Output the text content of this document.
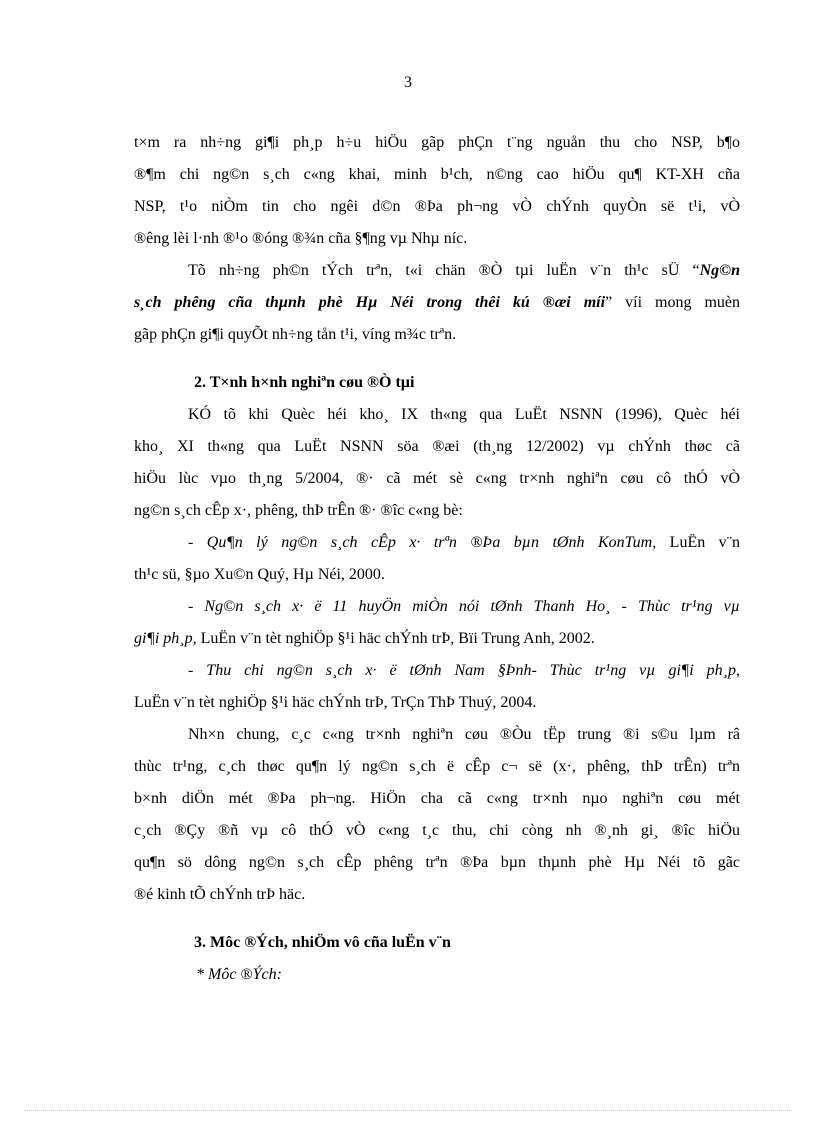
3
t×m ra nh÷ng gi¶i ph¸p h÷u hiÖu gãp phÇn t¨ng nguån thu cho NSP, b¶o
®¶m chi ng©n s¸ch c«ng khai, minh b¹ch, n©ng cao hiÖu qu¶ KT-XH cña
NSP, t¹o niÒm tin cho ngêi d©n ®Þa ph¬ng vÒ chÝnh quyÒn së t¹i, vÒ
®êng lèi l·nh ®¹o ®óng ®¾n cña §¶ng vµ Nhµ níc.
Tõ nh÷ng ph©n tÝch trªn, t«i chän ®Ò tµi luËn v¨n th¹c sÜ “Ng©n
s¸ch phêng cña thµnh phè Hµ Néi trong thêi kú ®æi míi” víi mong muèn
gãp phÇn gi¶i quyÕt nh÷ng tån t¹i, víng m¾c trªn.
2. T×nh h×nh nghiªn cøu ®Ò tµi
KÓ tõ khi Quèc héi kho¸ IX th«ng qua LuËt NSNN (1996), Quèc héi
kho¸ XI th«ng qua LuËt NSNN söa ®æi (th¸ng 12/2002) vµ chÝnh thøc cã
hiÖu lùc vµo th¸ng 5/2004, ®· cã mét sè c«ng tr×nh nghiªn cøu cô thÓ vÒ
ng©n s¸ch cÊp x·, phêng, thÞ trÊn ®· ®îc c«ng bè:
- Qu¶n lý ng©n s¸ch cÊp x· trªn ®Þa bµn tØnh KonTum, LuËn v¨n
th¹c sü, §µo Xu©n Quý, Hµ Néi, 2000.
- Ng©n s¸ch x· ë 11 huyÖn miÒn nói tØnh Thanh Ho¸ - Thùc tr¹ng vµ
gi¶i ph¸p, LuËn v¨n tèt nghiÖp §¹i häc chÝnh trÞ, Bïi Trung Anh, 2002.
- Thu chi ng©n s¸ch x· ë tØnh Nam §Þnh- Thùc tr¹ng vµ gi¶i ph¸p,
LuËn v¨n tèt nghiÖp §¹i häc chÝnh trÞ, TrÇn ThÞ Thuý, 2004.
Nh×n chung, c¸c c«ng tr×nh nghiªn cøu ®Òu tËp trung ®i s©u lµm râ
thùc tr¹ng, c¸ch thøc qu¶n lý ng©n s¸ch ë cÊp c¬ së (x·, phêng, thÞ trÊn) trªn
b×nh diÖn mét ®Þa ph¬ng. HiÖn cha cã c«ng tr×nh nµo nghiªn cøu mét
c¸ch ®Çy ®ñ vµ cô thÓ vÒ c«ng t¸c thu, chi còng nh ®¸nh gi¸ ®îc hiÖu
qu¶n sö dông ng©n s¸ch cÊp phêng trªn ®Þa bµn thµnh phè Hµ Néi tõ gãc
®é kinh tÕ chÝnh trÞ häc.
3. Môc ®Ých, nhiÖm vô cña luËn v¨n
* Môc ®Ých:
